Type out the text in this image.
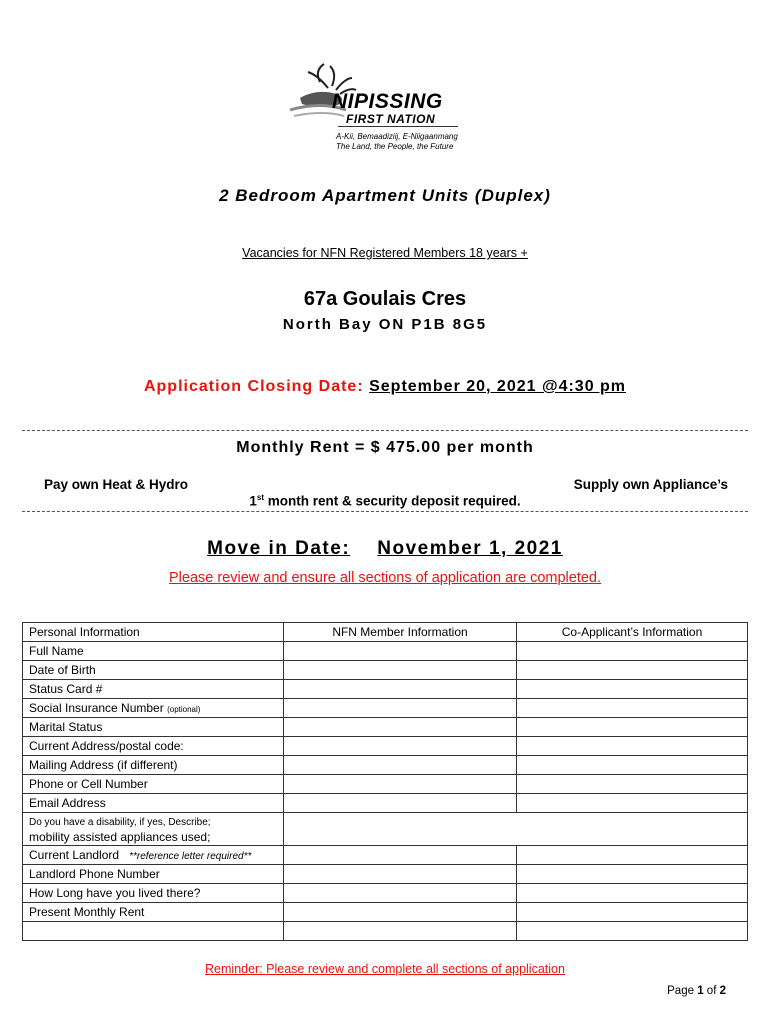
NIPISSING
FIRST NATION
A-Kii, Bemaadiziij, E-Niigaanmang
The Land, the People, the Future
2 Bedroom Apartment Units (Duplex)
Vacancies for NFN Registered Members 18 years +
67a Goulais Cres
North Bay ON P1B 8G5
Application Closing Date: September 20, 2021 @4:30 pm
Monthly Rent = $ 475.00 per month
Pay own Heat & Hydro	Supply own Appliance’s
1st month rent & security deposit required.
Move in Date: November 1, 2021
Please review and ensure all sections of application are completed.
Personal Information	NFN Member Information	Co-Applicant’s Information
Full Name		
Date of Birth		
Status Card #		
Social Insurance Number (optional)		
Marital Status		
Current Address/postal code:		
Mailing Address (if different)		
Phone or Cell Number		
Email Address		
Do you have a disability, if yes, Describe;
mobility assisted appliances used;		
Current Landlord **reference letter required**		
Landlord Phone Number		
How Long have you lived there?		
Present Monthly Rent		

Reminder: Please review and complete all sections of application
Page 1 of 2
